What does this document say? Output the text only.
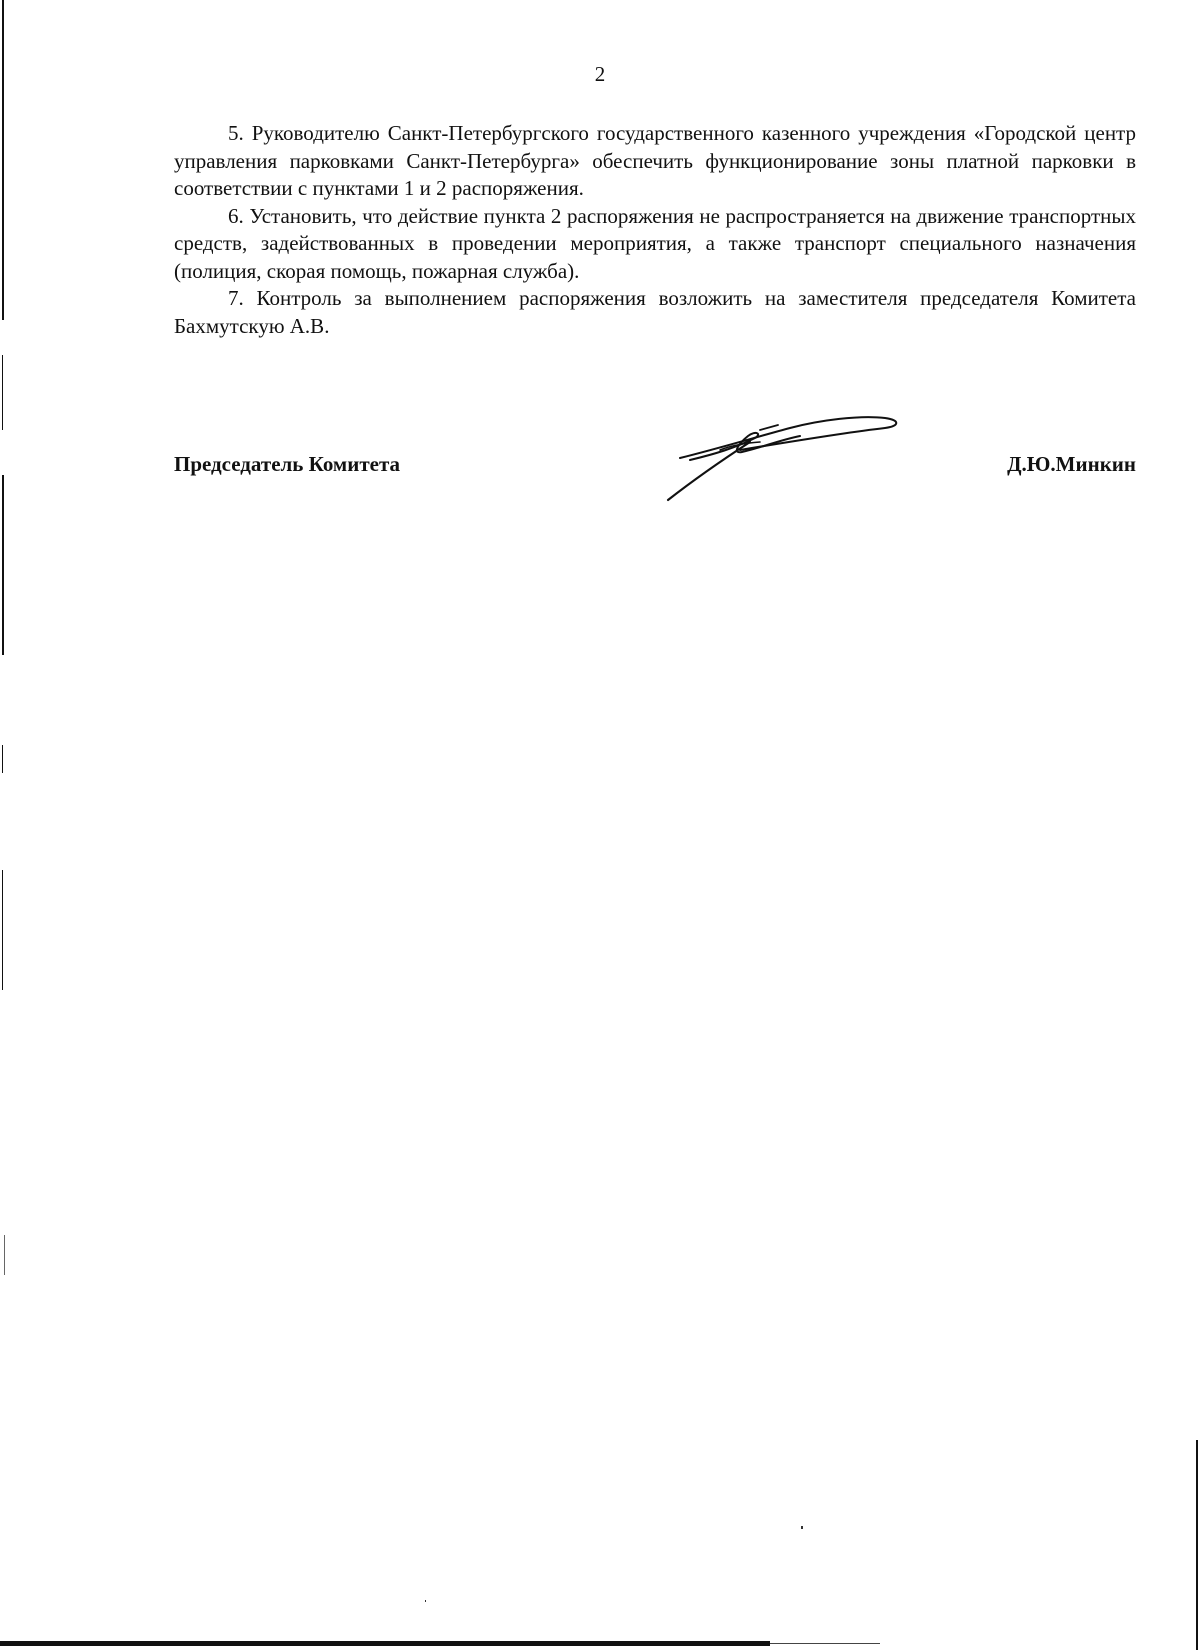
2

5. Руководителю Санкт-Петербургского государственного казенного учреждения «Городской центр управления парковками Санкт-Петербурга» обеспечить функционирование зоны платной парковки в соответствии с пунктами 1 и 2 распоряжения.

6. Установить, что действие пункта 2 распоряжения не распространяется на движение транспортных средств, задействованных в проведении мероприятия, а также транспорт специального назначения (полиция, скорая помощь, пожарная служба).

7. Контроль за выполнением распоряжения возложить на заместителя председателя Комитета Бахмутскую А.В.

Председатель Комитета	Д.Ю.Минкин
